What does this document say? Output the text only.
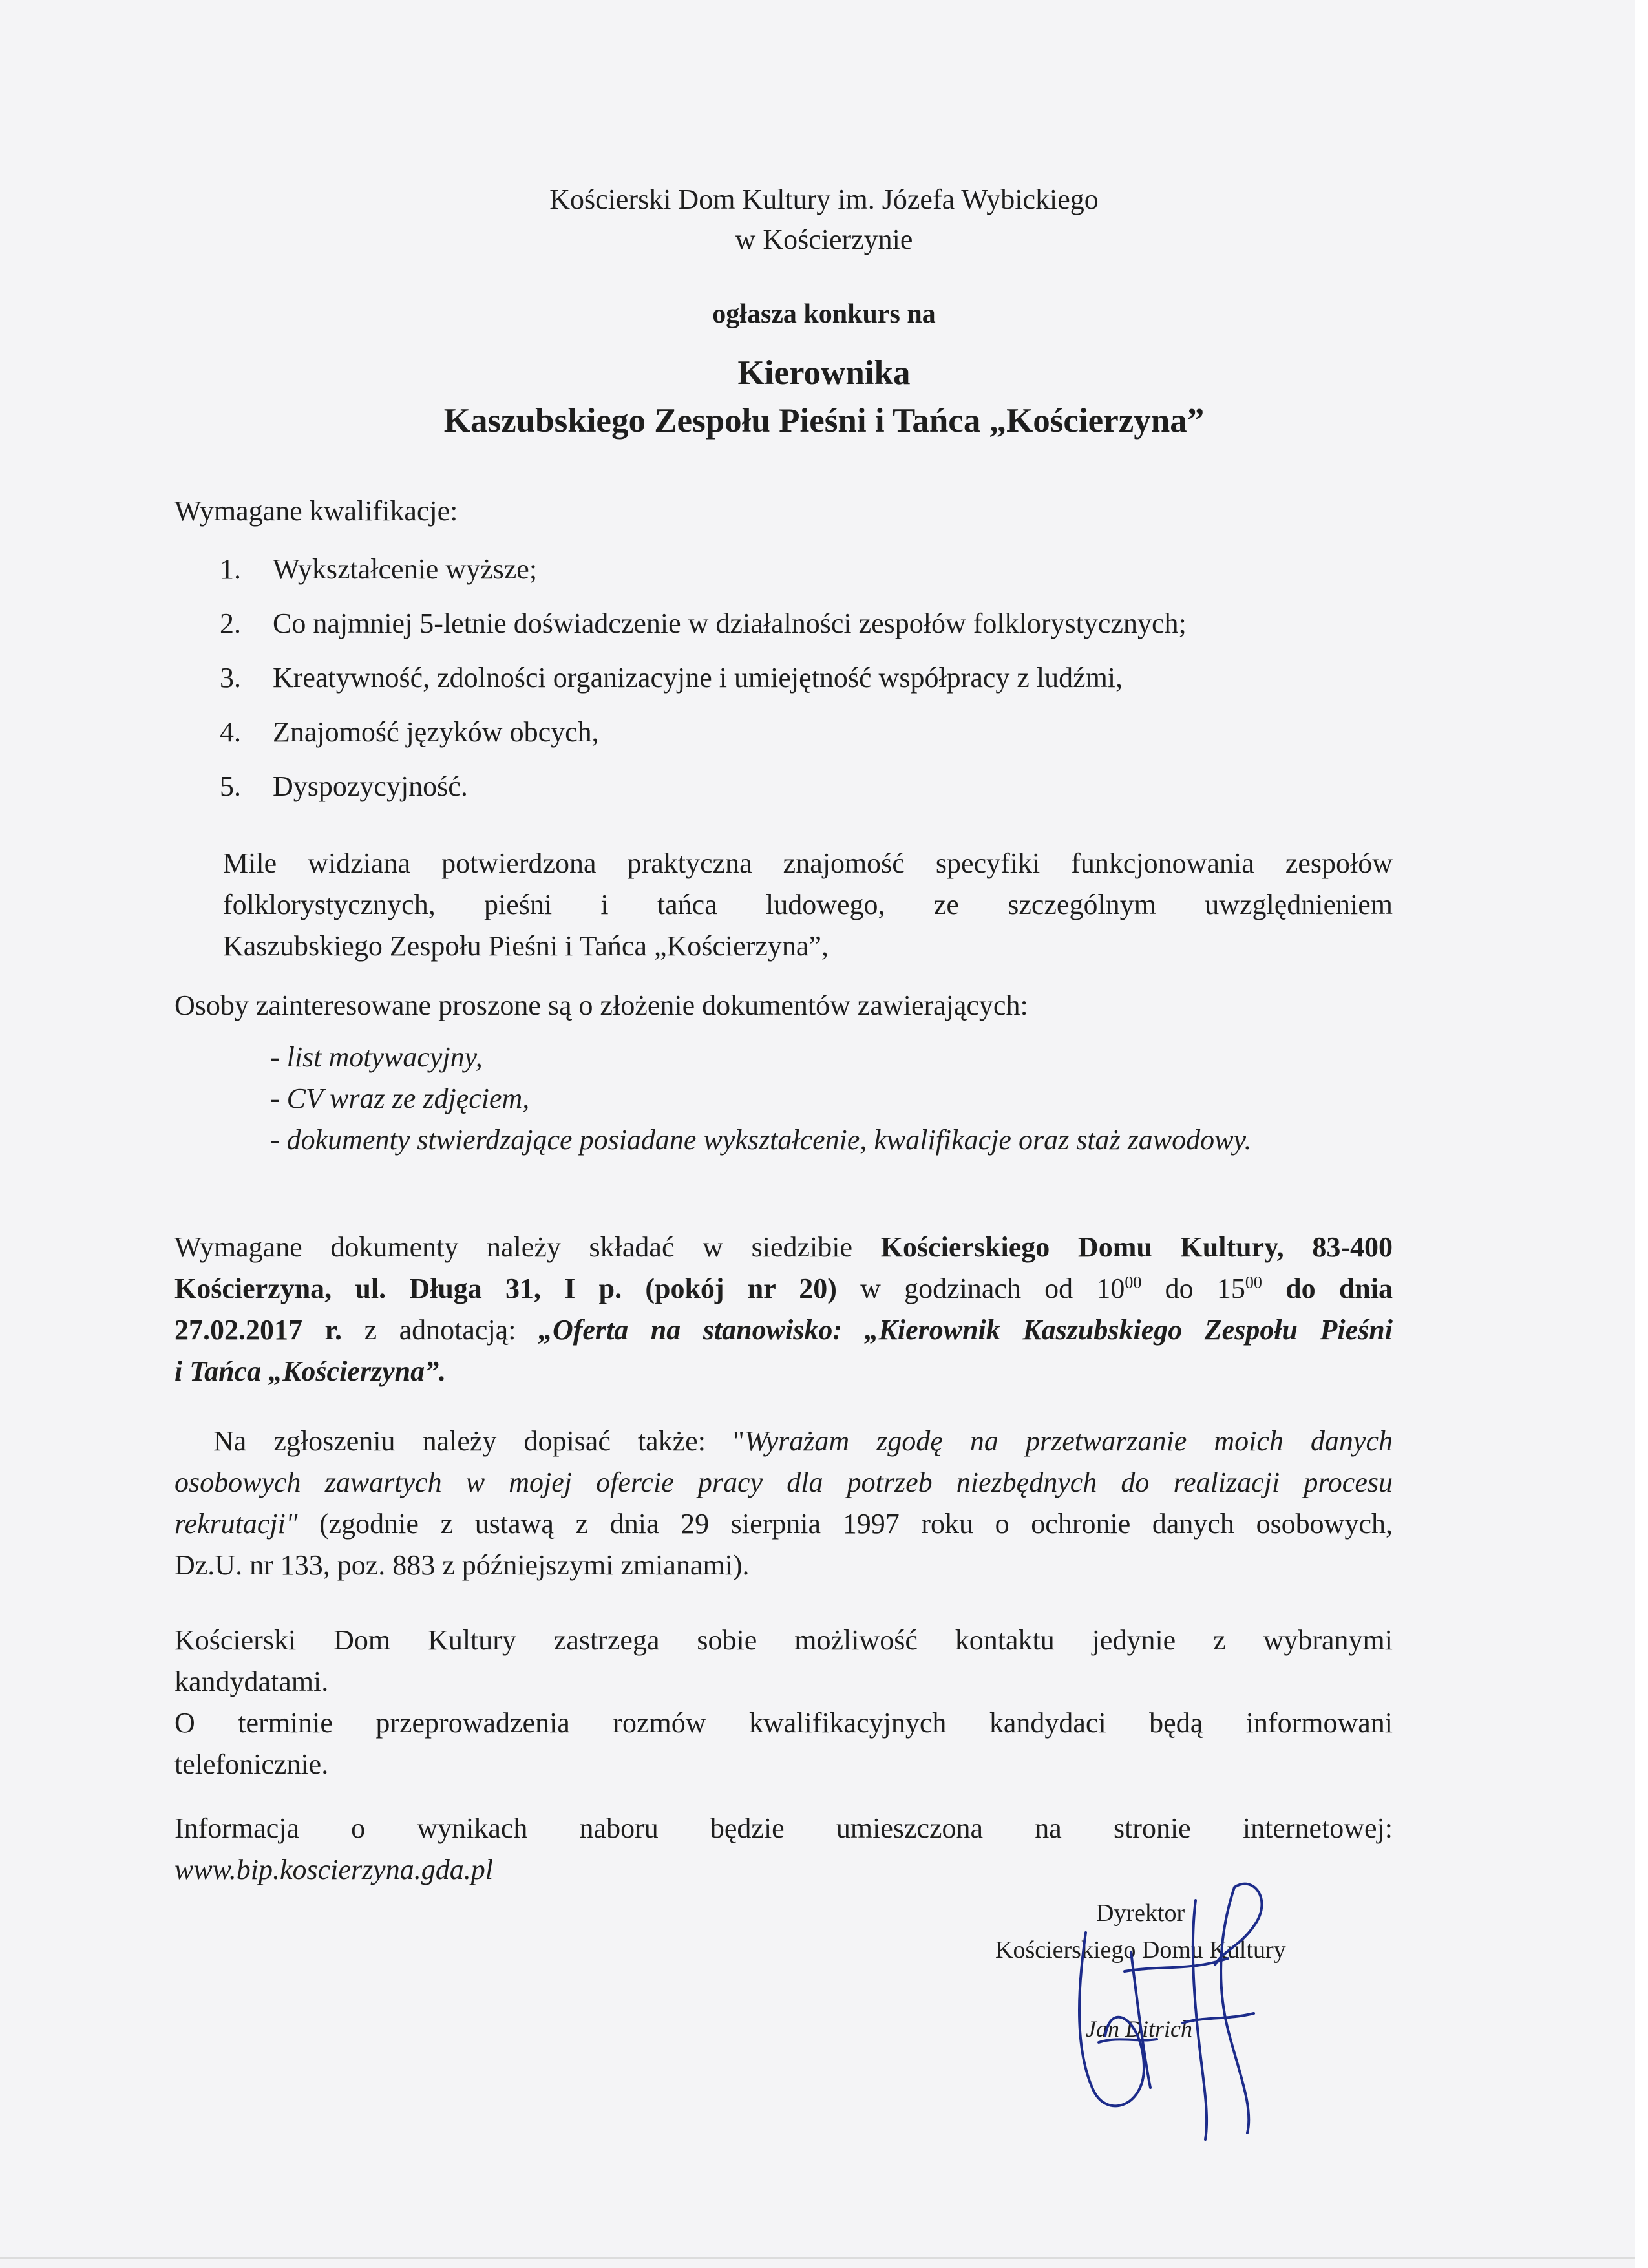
Kościerski Dom Kultury im. Józefa Wybickiego
w Kościerzynie
ogłasza konkurs na
Kierownika
Kaszubskiego Zespołu Pieśni i Tańca „Kościerzyna”
Wymagane kwalifikacje:
1.	Wykształcenie wyższe;
2.	Co najmniej 5-letnie doświadczenie w działalności zespołów folklorystycznych;
3.	Kreatywność, zdolności organizacyjne i umiejętność współpracy z ludźmi,
4.	Znajomość języków obcych,
5.	Dyspozycyjność.
Mile widziana potwierdzona praktyczna znajomość specyfiki funkcjonowania zespołów
folklorystycznych, pieśni i tańca ludowego, ze szczególnym uwzględnieniem
Kaszubskiego Zespołu Pieśni i Tańca „Kościerzyna”,
Osoby zainteresowane proszone są o złożenie dokumentów zawierających:
- list motywacyjny,
- CV wraz ze zdjęciem,
- dokumenty stwierdzające posiadane wykształcenie, kwalifikacje oraz staż zawodowy.
Wymagane dokumenty należy składać w siedzibie Kościerskiego Domu Kultury, 83-400
Kościerzyna, ul. Długa 31, I p. (pokój nr 20) w godzinach od $10^{00}$ do $15^{00}$ do dnia
27.02.2017 r. z adnotacją: „Oferta na stanowisko: „Kierownik Kaszubskiego Zespołu Pieśni
i Tańca „Kościerzyna”.
Na zgłoszeniu należy dopisać także: "Wyrażam zgodę na przetwarzanie moich danych
osobowych zawartych w mojej ofercie pracy dla potrzeb niezbędnych do realizacji procesu
rekrutacji" (zgodnie z ustawą z dnia 29 sierpnia 1997 roku o ochronie danych osobowych,
Dz.U. nr 133, poz. 883 z późniejszymi zmianami).
Kościerski Dom Kultury zastrzega sobie możliwość kontaktu jedynie z wybranymi
kandydatami.
O terminie przeprowadzenia rozmów kwalifikacyjnych kandydaci będą informowani
telefonicznie.
Informacja o wynikach naboru będzie umieszczona na stronie internetowej:
www.bip.koscierzyna.gda.pl
Dyrektor
Kościerskiego Domu Kultury
Jan Ditrich
